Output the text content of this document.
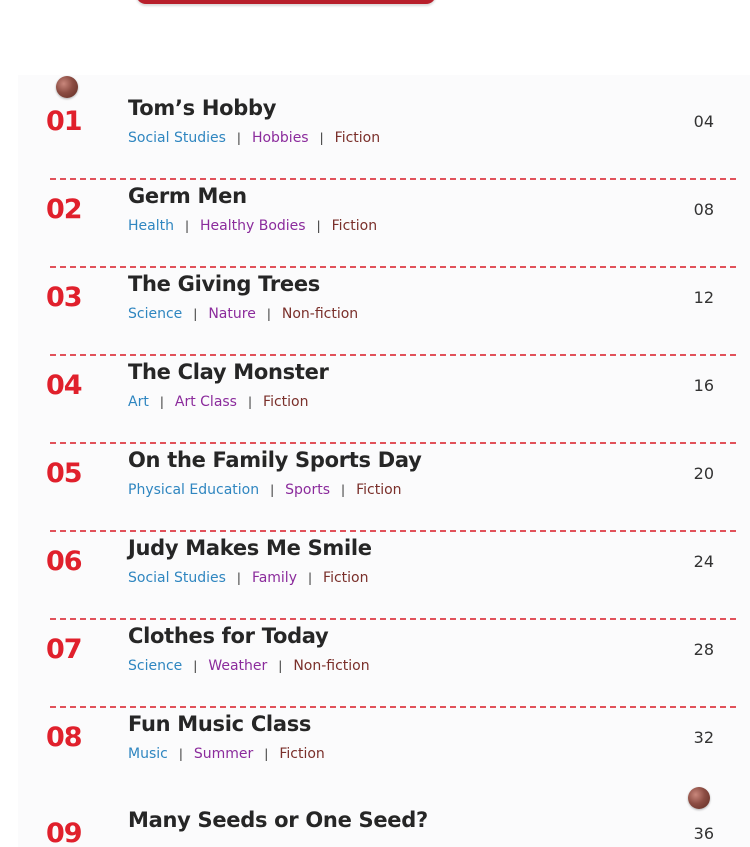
01	Tom’s Hobby
Social Studies | Hobbies | Fiction
04
02	Germ Men
Health | Healthy Bodies | Fiction
08
03	The Giving Trees
Science | Nature | Non-fiction
12
04	The Clay Monster
Art | Art Class | Fiction
16
05	On the Family Sports Day
Physical Education | Sports | Fiction
20
06	Judy Makes Me Smile
Social Studies | Family | Fiction
24
07	Clothes for Today
Science | Weather | Non-fiction
28
08	Fun Music Class
Music | Summer | Fiction
32
09	Many Seeds or One Seed?
36
